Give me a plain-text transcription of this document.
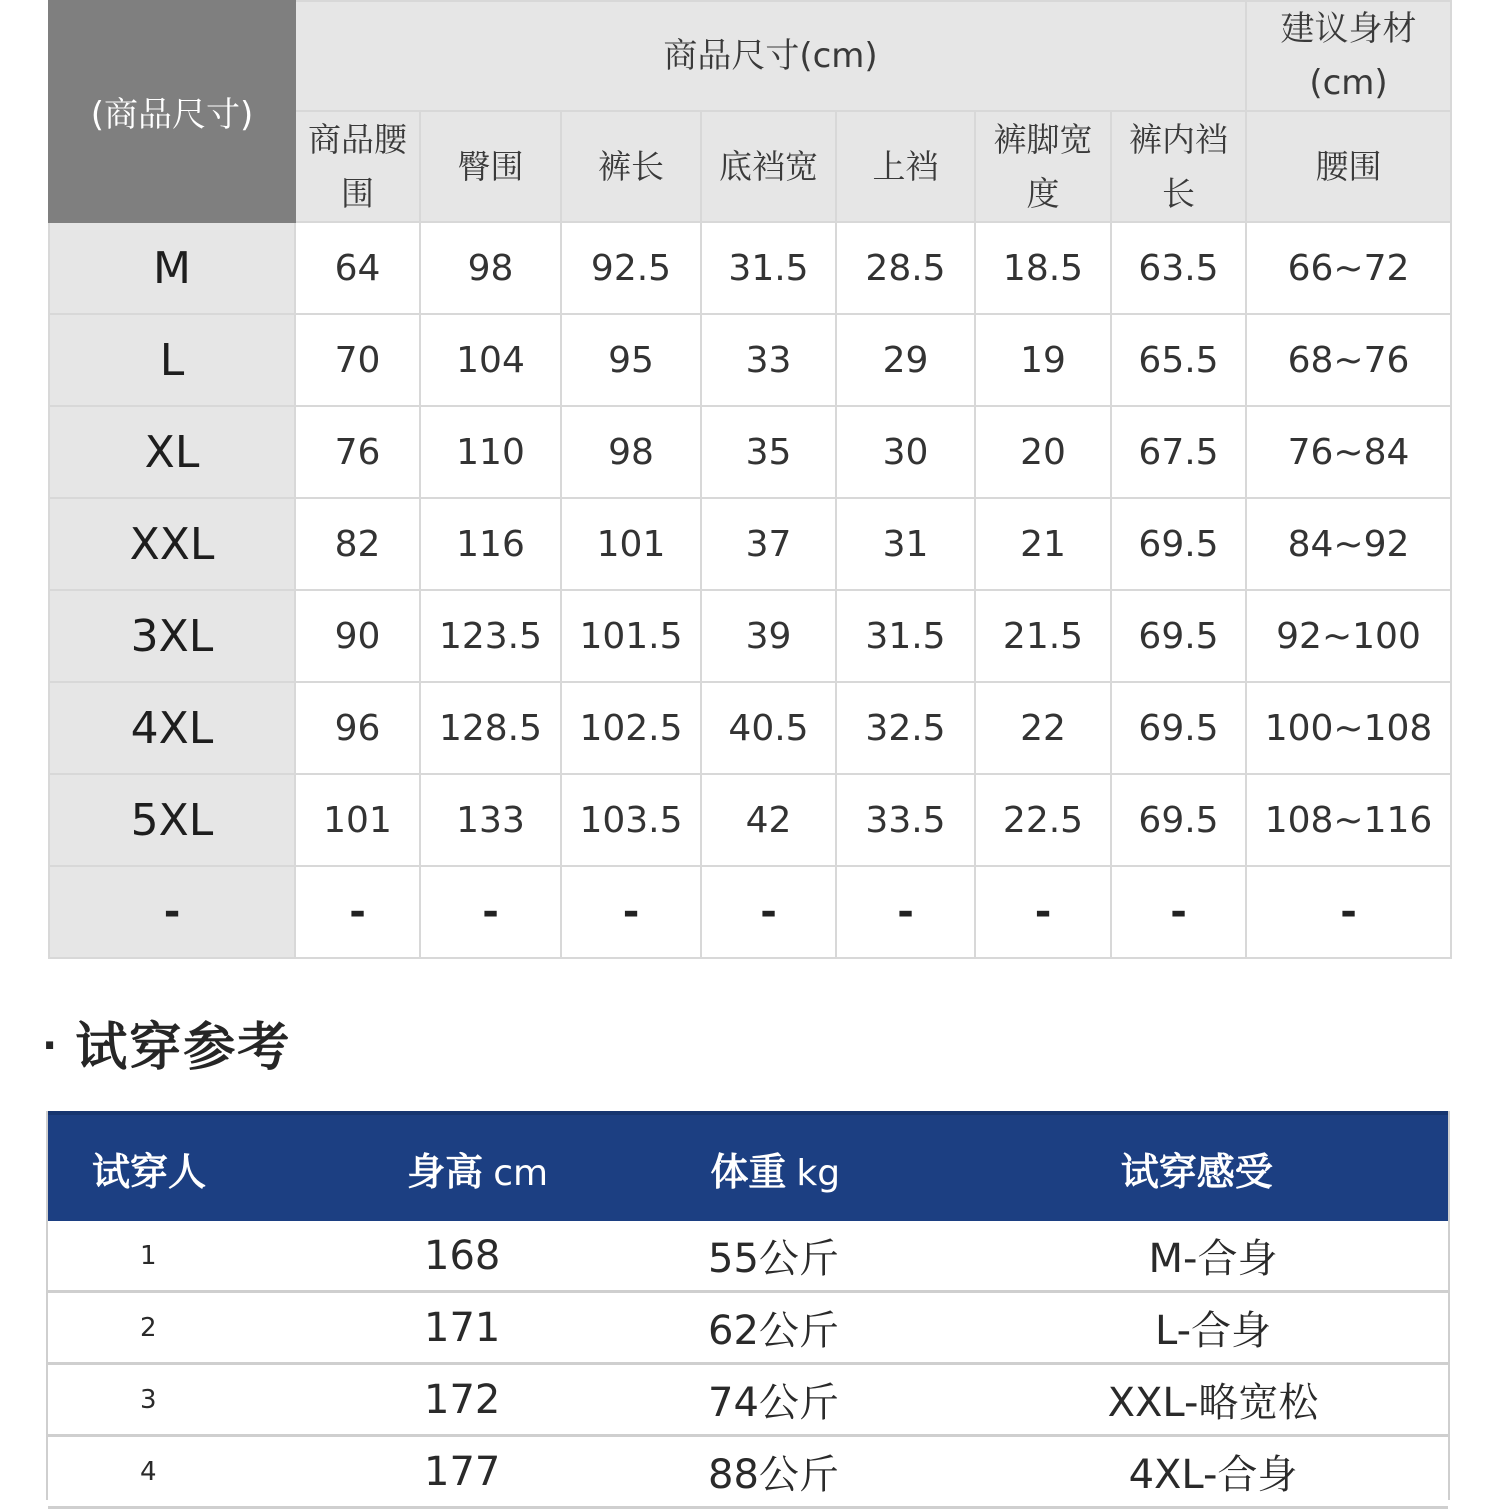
(商品尺寸)	商品尺寸(cm)							建议身材(cm)
	商品腰围	臀围	裤长	底裆宽	上裆	裤脚宽度	裤内裆长	腰围
M	64	98	92.5	31.5	28.5	18.5	63.5	66~72
L	70	104	95	33	29	19	65.5	68~76
XL	76	110	98	35	30	20	67.5	76~84
XXL	82	116	101	37	31	21	69.5	84~92
3XL	90	123.5	101.5	39	31.5	21.5	69.5	92~100
4XL	96	128.5	102.5	40.5	32.5	22	69.5	100~108
5XL	101	133	103.5	42	33.5	22.5	69.5	108~116
-	-	-	-	-	-	-	-	-
· 试穿参考
试穿人	身高 cm	体重 kg	试穿感受
1	168	55公斤	M-合身
2	171	62公斤	L-合身
3	172	74公斤	XXL-略宽松
4	177	88公斤	4XL-合身
